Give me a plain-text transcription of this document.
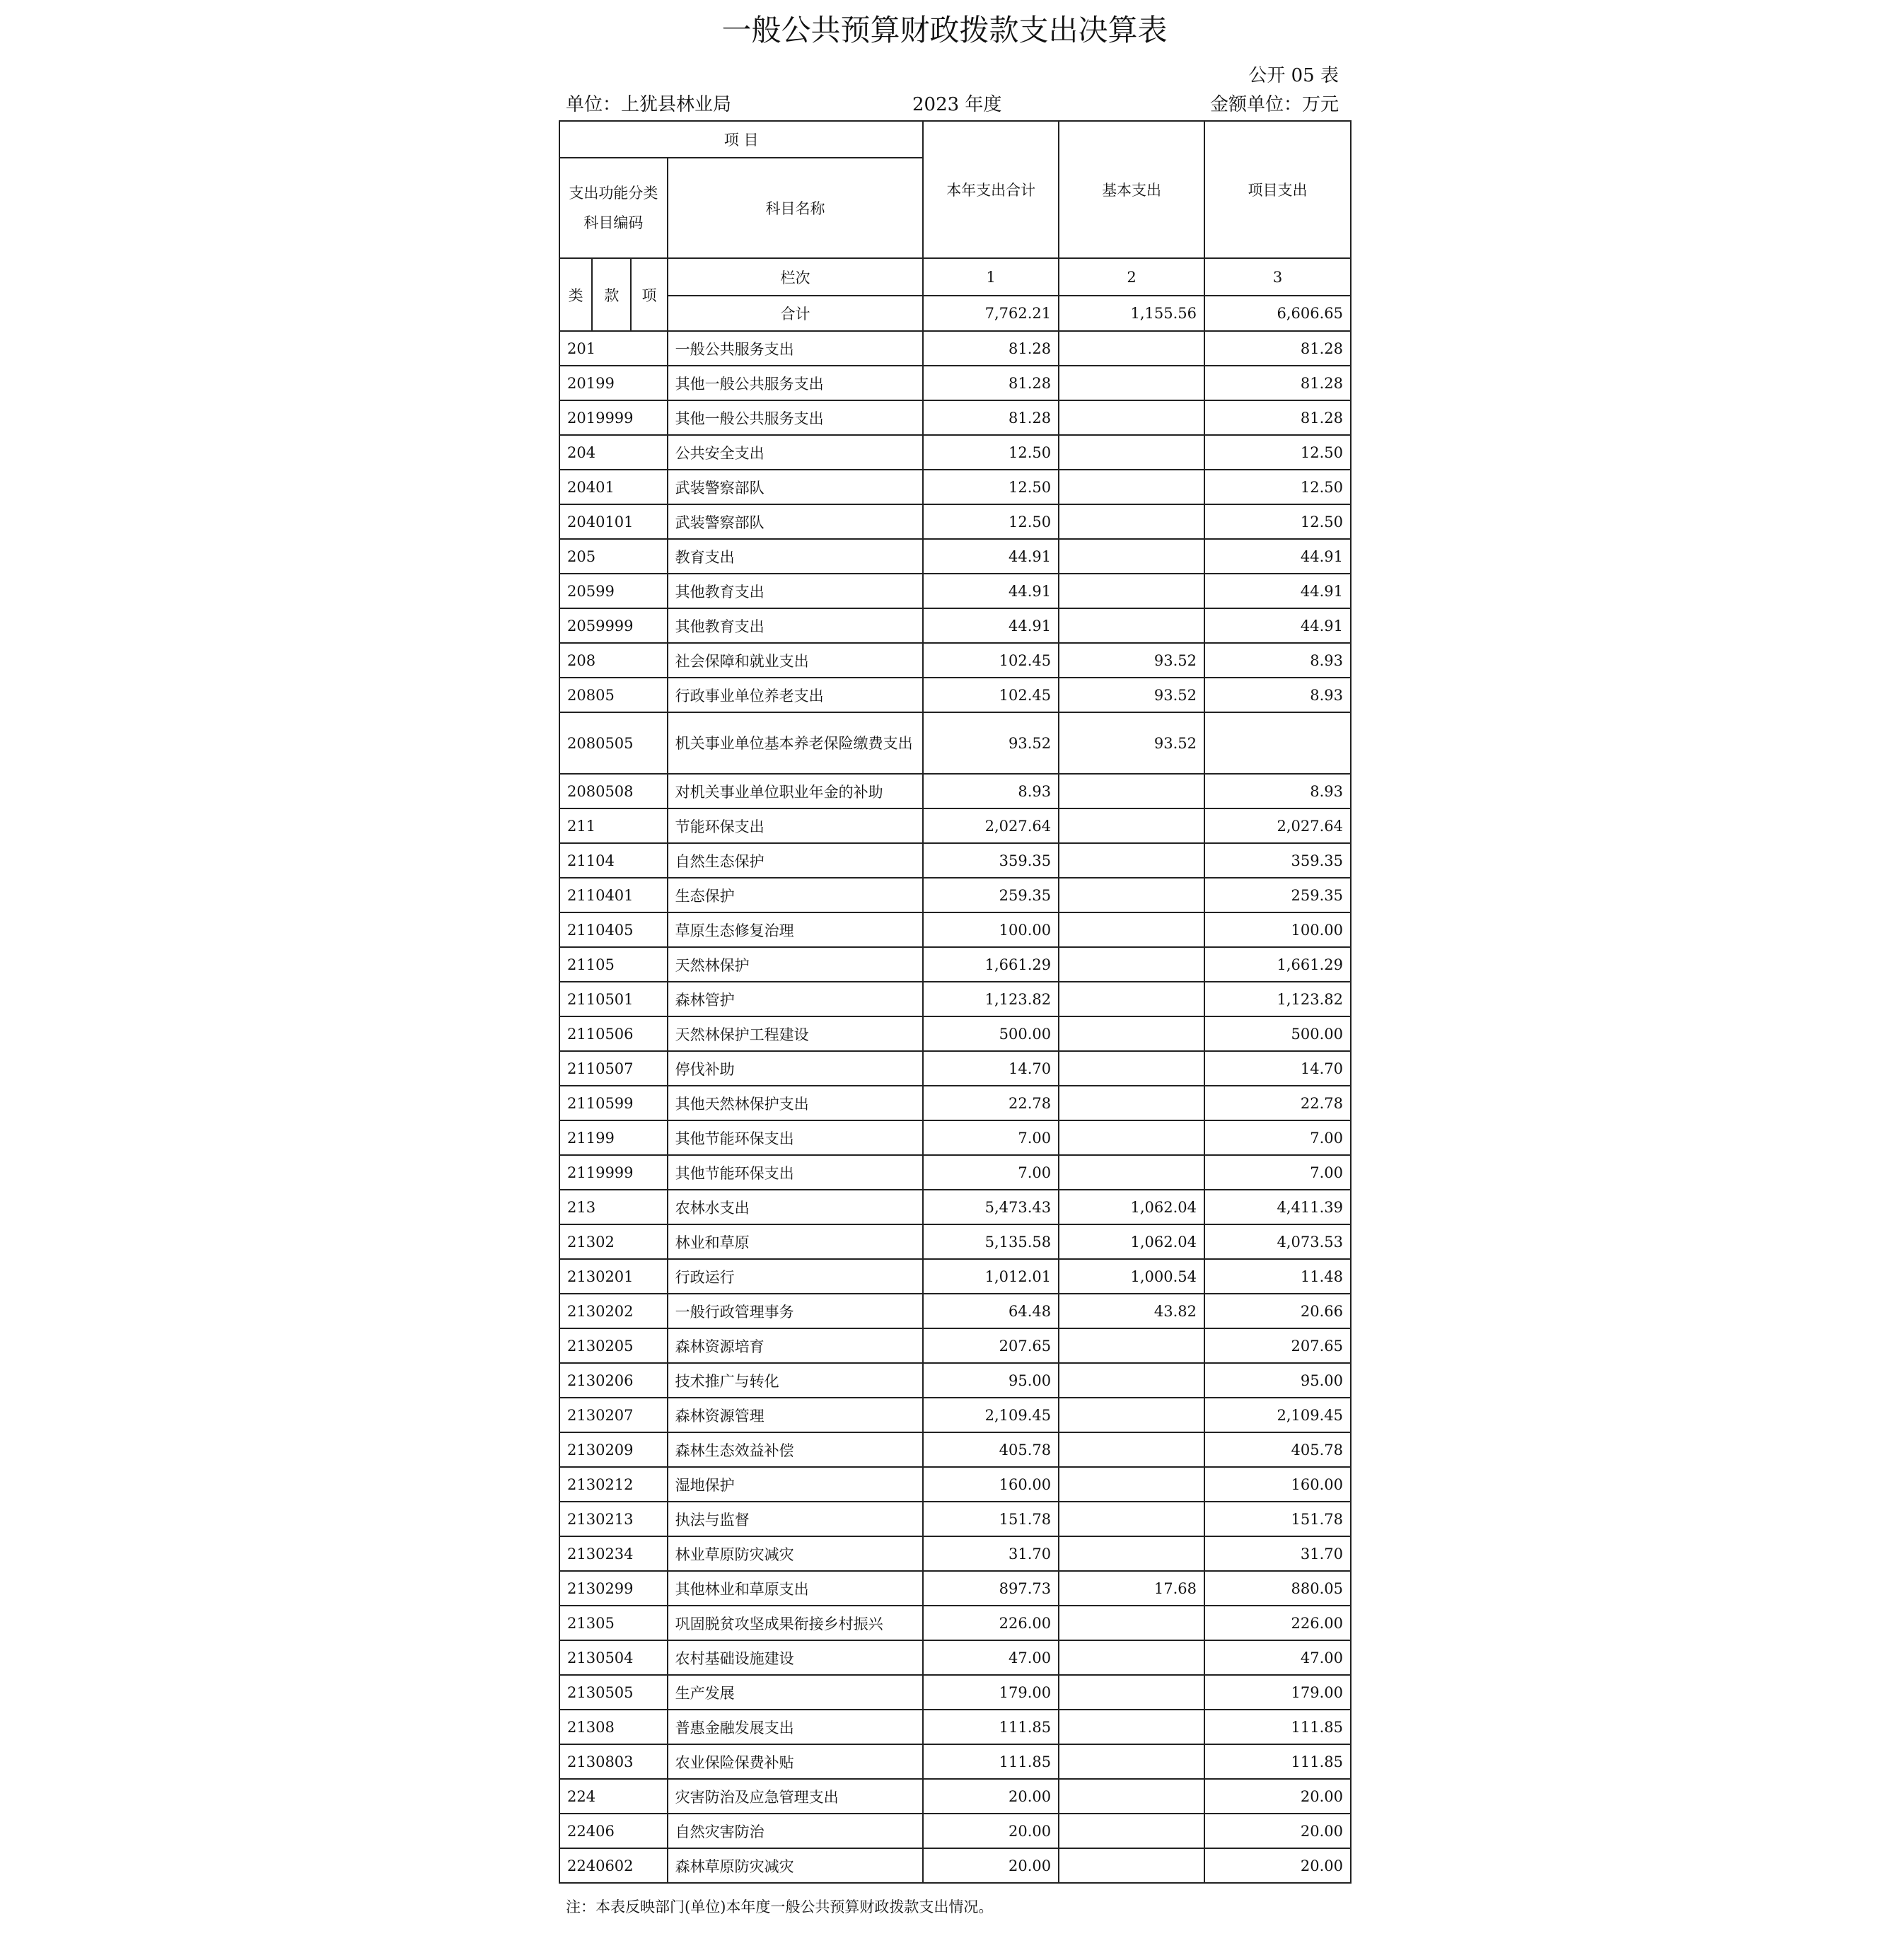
一般公共预算财政拨款支出决算表
公开 05 表
单位：上犹县林业局	2023 年度	金额单位：万元
项 目				本年支出合计	基本支出	项目支出

支出功能分类
科目编码			科目名称			
类	款	项	栏次	1	2	3
			合计	7,762.21	1,155.56	6,606.65
201			一般公共服务支出	81.28		81.28
20199			其他一般公共服务支出	81.28		81.28
2019999			其他一般公共服务支出	81.28		81.28
204			公共安全支出	12.50		12.50
20401			武装警察部队	12.50		12.50
2040101			武装警察部队	12.50		12.50
205			教育支出	44.91		44.91
20599			其他教育支出	44.91		44.91
2059999			其他教育支出	44.91		44.91
208			社会保障和就业支出	102.45	93.52	8.93
20805			行政事业单位养老支出	102.45	93.52	8.93
2080505			机关事业单位基本养老保险缴费支出	93.52	93.52	
2080508			对机关事业单位职业年金的补助	8.93		8.93
211			节能环保支出	2,027.64		2,027.64
21104			自然生态保护	359.35		359.35
2110401			生态保护	259.35		259.35
2110405			草原生态修复治理	100.00		100.00
21105			天然林保护	1,661.29		1,661.29
2110501			森林管护	1,123.82		1,123.82
2110506			天然林保护工程建设	500.00		500.00
2110507			停伐补助	14.70		14.70
2110599			其他天然林保护支出	22.78		22.78
21199			其他节能环保支出	7.00		7.00
2119999			其他节能环保支出	7.00		7.00
213			农林水支出	5,473.43	1,062.04	4,411.39
21302			林业和草原	5,135.58	1,062.04	4,073.53
2130201			行政运行	1,012.01	1,000.54	11.48
2130202			一般行政管理事务	64.48	43.82	20.66
2130205			森林资源培育	207.65		207.65
2130206			技术推广与转化	95.00		95.00
2130207			森林资源管理	2,109.45		2,109.45
2130209			森林生态效益补偿	405.78		405.78
2130212			湿地保护	160.00		160.00
2130213			执法与监督	151.78		151.78
2130234			林业草原防灾减灾	31.70		31.70
2130299			其他林业和草原支出	897.73	17.68	880.05
21305			巩固脱贫攻坚成果衔接乡村振兴	226.00		226.00
2130504			农村基础设施建设	47.00		47.00
2130505			生产发展	179.00		179.00
21308			普惠金融发展支出	111.85		111.85
2130803			农业保险保费补贴	111.85		111.85
224			灾害防治及应急管理支出	20.00		20.00
22406			自然灾害防治	20.00		20.00
2240602			森林草原防灾减灾	20.00		20.00
注：本表反映部门(单位)本年度一般公共预算财政拨款支出情况。
